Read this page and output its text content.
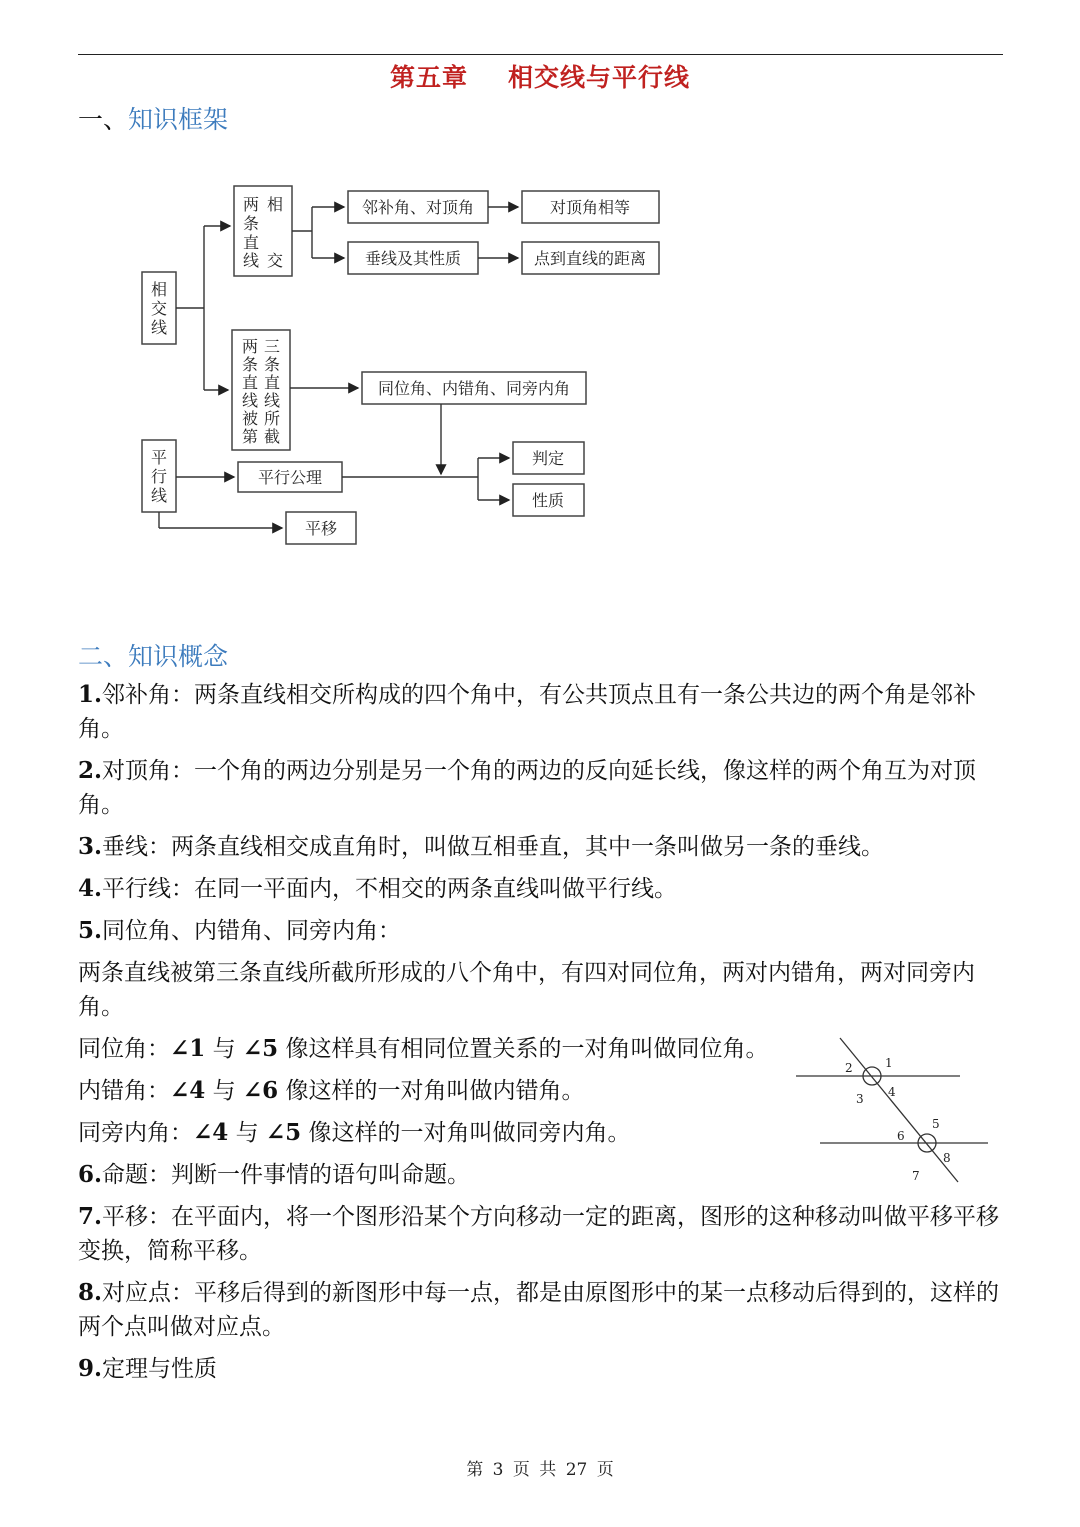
第五章 相交线与平行线
一、知识框架
相
交
线
两 相
条
直
线 交
两 三
条 条
直 直
线 线
被 所
第 截
邻补角、对顶角	对顶角相等
垂线及其性质	点到直线的距离
同位角、内错角、同旁内角
平
行
线
平行公理
判定
性质
平移
二、知识概念

1.邻补角：两条直线相交所构成的四个角中，有公共顶点且有一条公共边的两个角是邻补角。

2.对顶角：一个角的两边分别是另一个角的两边的反向延长线，像这样的两个角互为对顶角。

3.垂线：两条直线相交成直角时，叫做互相垂直，其中一条叫做另一条的垂线。

4.平行线：在同一平面内，不相交的两条直线叫做平行线。

5.同位角、内错角、同旁内角：

两条直线被第三条直线所截所形成的八个角中，有四对同位角，两对内错角，两对同旁内角。

同位角：∠1 与 ∠5 像这样具有相同位置关系的一对角叫做同位角。

内错角：∠4 与 ∠6 像这样的一对角叫做内错角。

同旁内角：∠4 与 ∠5 像这样的一对角叫做同旁内角。

6.命题：判断一件事情的语句叫命题。

7.平移：在平面内，将一个图形沿某个方向移动一定的距离，图形的这种移动叫做平移平移变换，简称平移。

8.对应点：平移后得到的新图形中每一点，都是由原图形中的某一点移动后得到的，这样的两个点叫做对应点。

9.定理与性质

1
2
3 4
5
6
7
8
第 3 页 共 27 页
